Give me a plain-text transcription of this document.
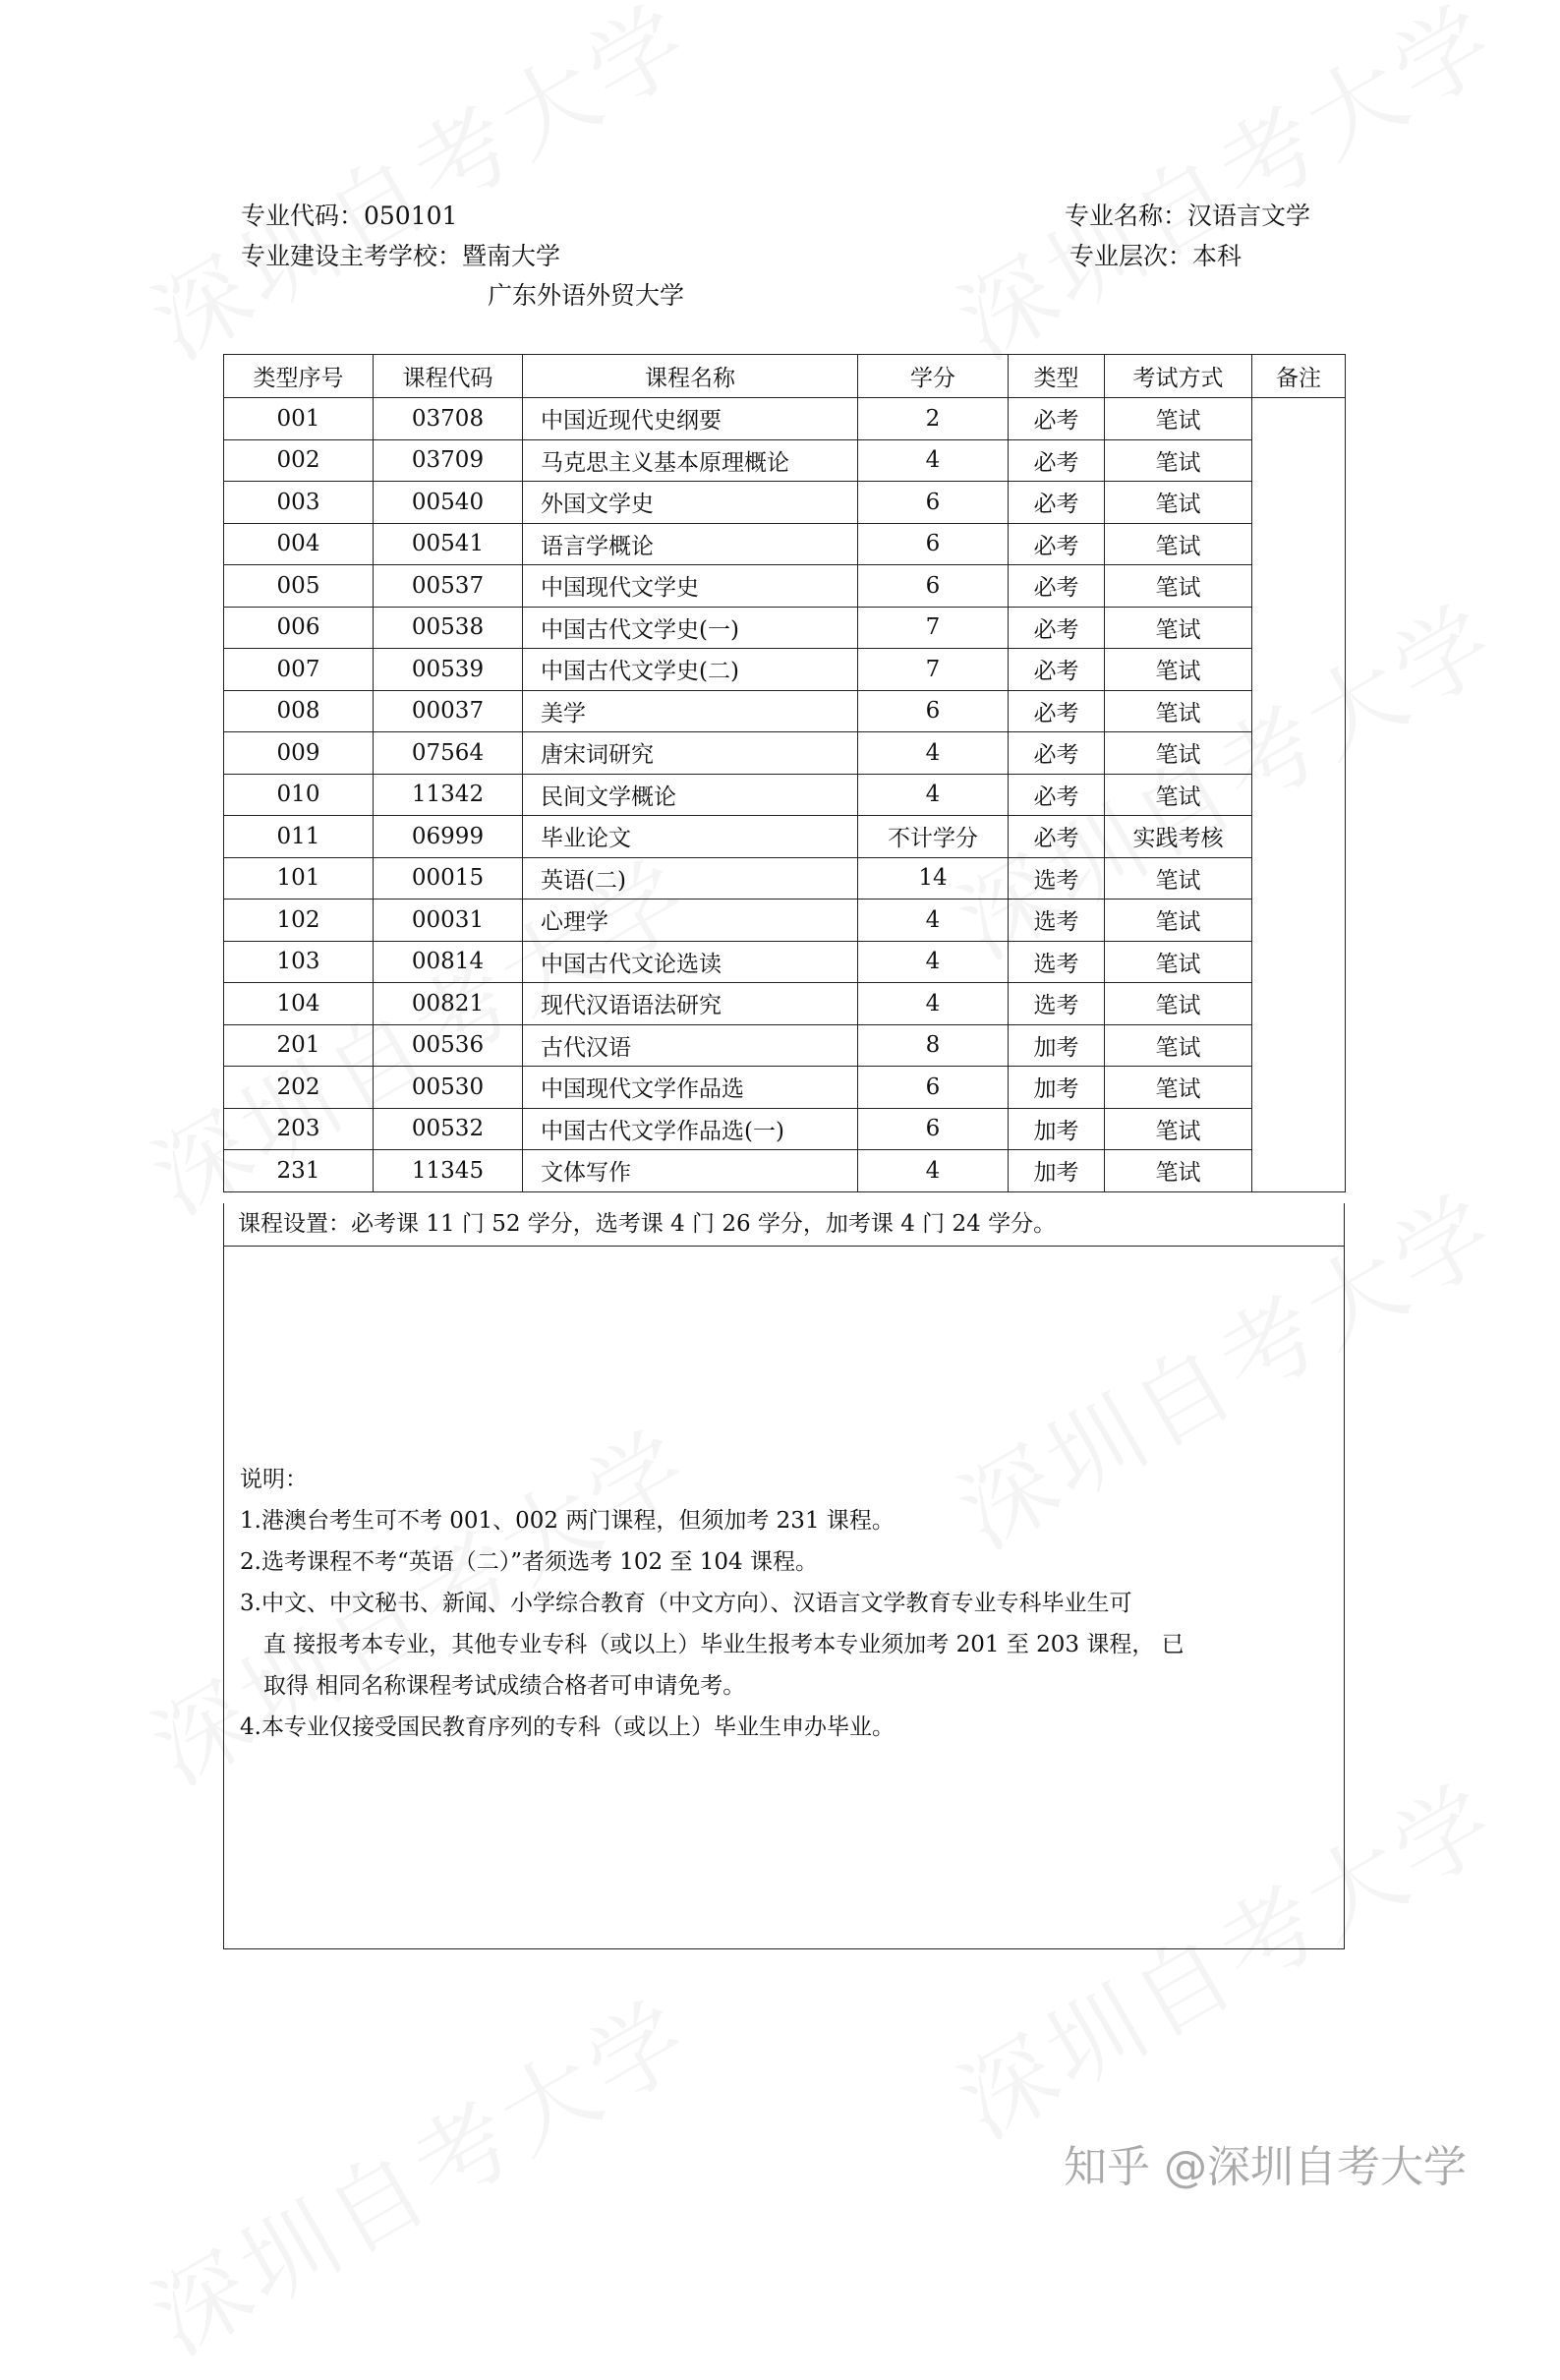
专业代码：050101	专业名称：汉语言文学
专业建设主考学校：暨南大学	专业层次：本科
广东外语外贸大学
类型序号	课程代码	课程名称	学分	类型	考试方式	备注
001	03708	中国近现代史纲要	2	必考	笔试	
002	03709	马克思主义基本原理概论	4	必考	笔试	
003	00540	外国文学史	6	必考	笔试	
004	00541	语言学概论	6	必考	笔试	
005	00537	中国现代文学史	6	必考	笔试	
006	00538	中国古代文学史(一)	7	必考	笔试	
007	00539	中国古代文学史(二)	7	必考	笔试	
008	00037	美学	6	必考	笔试	
009	07564	唐宋词研究	4	必考	笔试	
010	11342	民间文学概论	4	必考	笔试	
011	06999	毕业论文	不计学分	必考	实践考核	
101	00015	英语(二)	14	选考	笔试	
102	00031	心理学	4	选考	笔试	
103	00814	中国古代文论选读	4	选考	笔试	
104	00821	现代汉语语法研究	4	选考	笔试	
201	00536	古代汉语	8	加考	笔试	
202	00530	中国现代文学作品选	6	加考	笔试	
203	00532	中国古代文学作品选(一)	6	加考	笔试	
231	11345	文体写作	4	加考	笔试	
课程设置：必考课 11 门 52 学分，选考课 4 门 26 学分，加考课 4 门 24 学分。

说明：

1.港澳台考生可不考 001、002 两门课程，但须加考 231 课程。

2.选考课程不考“英语（二）”者须选考 102 至 104 课程。

3.中文、中文秘书、新闻、小学综合教育（中文方向）、汉语言文学教育专业专科毕业生可

直 接报考本专业，其他专业专科（或以上）毕业生报考本专业须加考 201 至 203 课程， 已

取得 相同名称课程考试成绩合格者可申请免考。

4.本专业仅接受国民教育序列的专科（或以上）毕业生申办毕业。

知乎 @深圳自考大学
